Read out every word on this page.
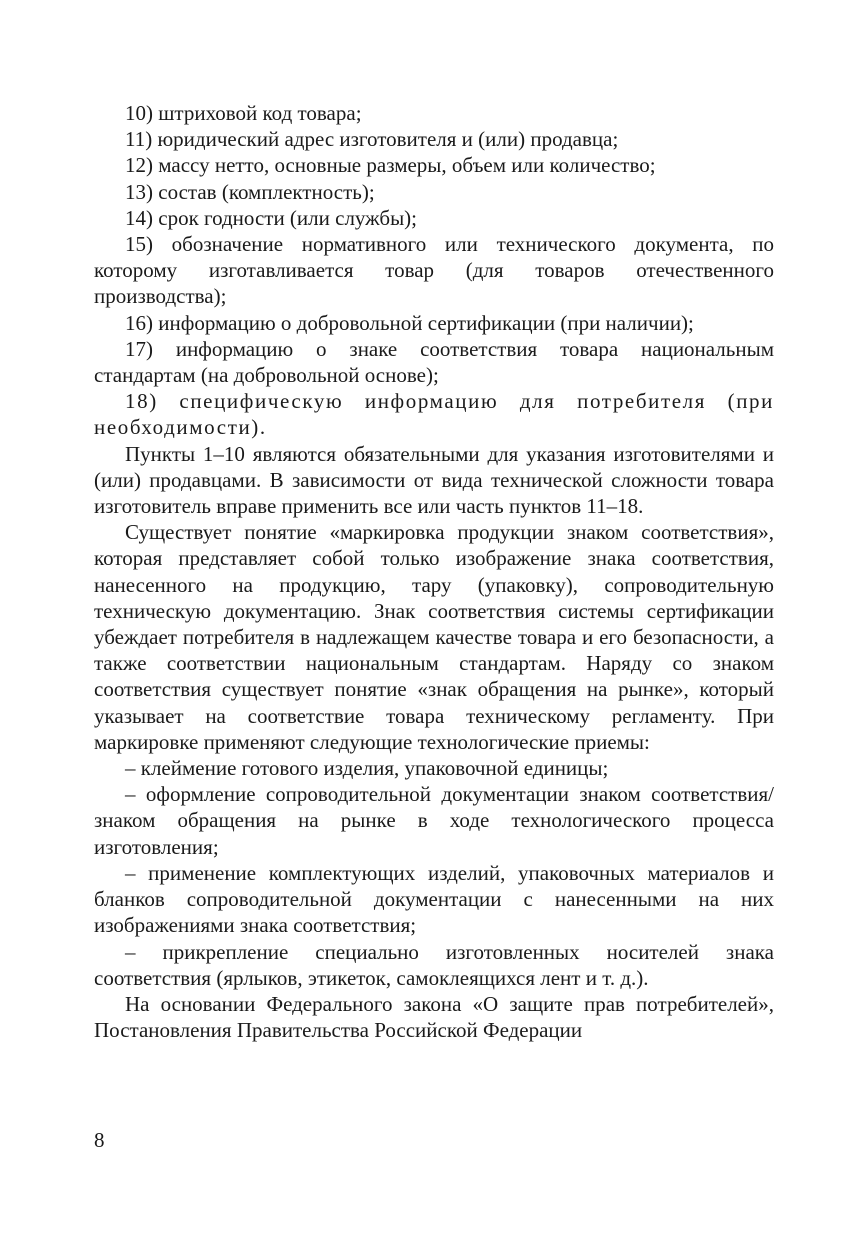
10) штриховой код товара;

11) юридический адрес изготовителя и (или) продавца;

12) массу нетто, основные размеры, объем или количество;

13) состав (комплектность);

14) срок годности (или службы);

15) обозначение нормативного или технического документа, по которому изготавливается товар (для товаров отечественного производства);

16) информацию о добровольной сертификации (при наличии);

17) информацию о знаке соответствия товара национальным стандартам (на добровольной основе);

18) специфическую информацию для потребителя (при необходимости).

Пункты 1–10 являются обязательными для указания изготовителями и (или) продавцами. В зависимости от вида технической сложности товара изготовитель вправе применить все или часть пунктов 11–18.

Существует понятие «маркировка продукции знаком соответствия», которая представляет собой только изображение знака соответствия, нанесенного на продукцию, тару (упаковку), сопроводительную техническую документацию. Знак соответствия системы сертификации убеждает потребителя в надлежащем качестве товара и его безопасности, а также соответствии национальным стандартам. Наряду со знаком соответствия существует понятие «знак обращения на рынке», который указывает на соответствие товара техническому регламенту. При маркировке применяют следующие технологические приемы:

– клеймение готового изделия, упаковочной единицы;

– оформление сопроводительной документации знаком соответствия/знаком обращения на рынке в ходе технологического процесса изготовления;

– применение комплектующих изделий, упаковочных материалов и бланков сопроводительной документации с нанесенными на них изображениями знака соответствия;

– прикрепление специально изготовленных носителей знака соответствия (ярлыков, этикеток, самоклеящихся лент и т. д.).

На основании Федерального закона «О защите прав потребителей», Постановления Правительства Российской Федерации

8
